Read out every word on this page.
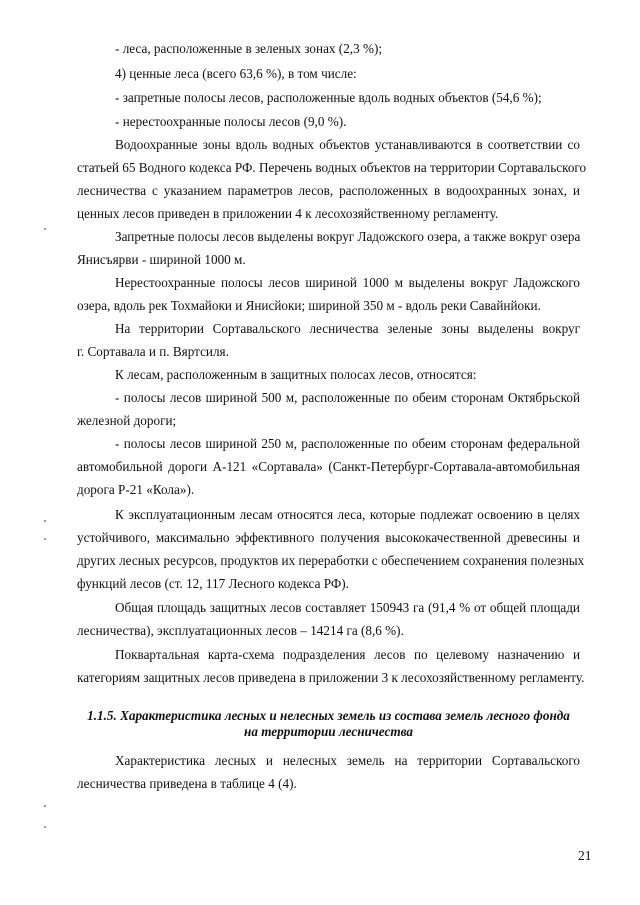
- леса, расположенные в зеленых зонах (2,3 %);
4) ценные леса (всего 63,6 %), в том числе:
- запретные полосы лесов, расположенные вдоль водных объектов (54,6 %);
- нерестоохранные полосы лесов (9,0 %).
Водоохранные зоны вдоль водных объектов устанавливаются в соответствии со
статьей 65 Водного кодекса РФ. Перечень водных объектов на территории Сортавальского
лесничества с указанием параметров лесов, расположенных в водоохранных зонах, и
ценных лесов приведен в приложении 4 к лесохозяйственному регламенту.
Запретные полосы лесов выделены вокруг Ладожского озера, а также вокруг озера
Янисъярви - шириной 1000 м.
Нерестоохранные полосы лесов шириной 1000 м выделены вокруг Ладожского
озера, вдоль рек Тохмайоки и Янисйоки; шириной 350 м - вдоль реки Савайнйоки.
На территории Сортавальского лесничества зеленые зоны выделены вокруг
г. Сортавала и п. Вяртсиля.
К лесам, расположенным в защитных полосах лесов, относятся:
- полосы лесов шириной 500 м, расположенные по обеим сторонам Октябрьской
железной дороги;
- полосы лесов шириной 250 м, расположенные по обеим сторонам федеральной
автомобильной дороги А-121 «Сортавала» (Санкт-Петербург-Сортавала-автомобильная
дорога Р-21 «Кола»).
К эксплуатационным лесам относятся леса, которые подлежат освоению в целях
устойчивого, максимально эффективного получения высококачественной древесины и
других лесных ресурсов, продуктов их переработки с обеспечением сохранения полезных
функций лесов (ст. 12, 117 Лесного кодекса РФ).
Общая площадь защитных лесов составляет 150943 га (91,4 % от общей площади
лесничества), эксплуатационных лесов – 14214 га (8,6 %).
Поквартальная карта-схема подразделения лесов по целевому назначению и
категориям защитных лесов приведена в приложении 3 к лесохозяйственному регламенту.
1.1.5. Характеристика лесных и нелесных земель из состава земель лесного фонда
на территории лесничества
Характеристика лесных и нелесных земель на территории Сортавальского
лесничества приведена в таблице 4 (4).
21
